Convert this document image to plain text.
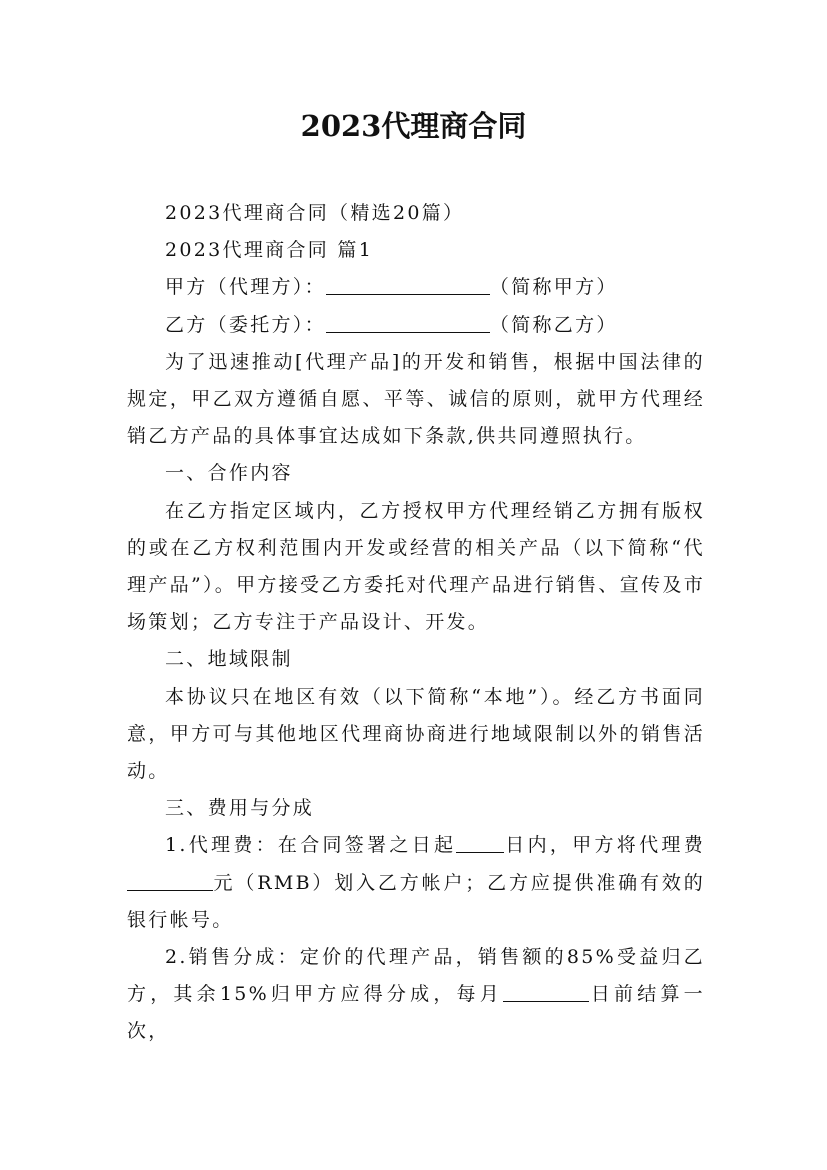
2023代理商合同

2023代理商合同（精选20篇）

2023代理商合同 篇1

甲方（代理方）：	（简称甲方）

乙方（委托方）：	（简称乙方）

为了迅速推动[代理产品]的开发和销售，根据中国法律的规定，甲乙双方遵循自愿、平等、诚信的原则，就甲方代理经销乙方产品的具体事宜达成如下条款,供共同遵照执行。

一、合作内容

在乙方指定区域内，乙方授权甲方代理经销乙方拥有版权的或在乙方权利范围内开发或经营的相关产品（以下简称“代理产品”）。甲方接受乙方委托对代理产品进行销售、宣传及市场策划；乙方专注于产品设计、开发。

二、地域限制

本协议只在地区有效（以下简称“本地”）。经乙方书面同意，甲方可与其他地区代理商协商进行地域限制以外的销售活动。

三、费用与分成

1.代理费：在合同签署之日起	日内，甲方将代理费元（RMB）划入乙方帐户；乙方应提供准确有效的银行帐号。

2.销售分成：定价的代理产品，销售额的85%受益归乙方，其余15%归甲方应得分成，每月	日前结算一次，
